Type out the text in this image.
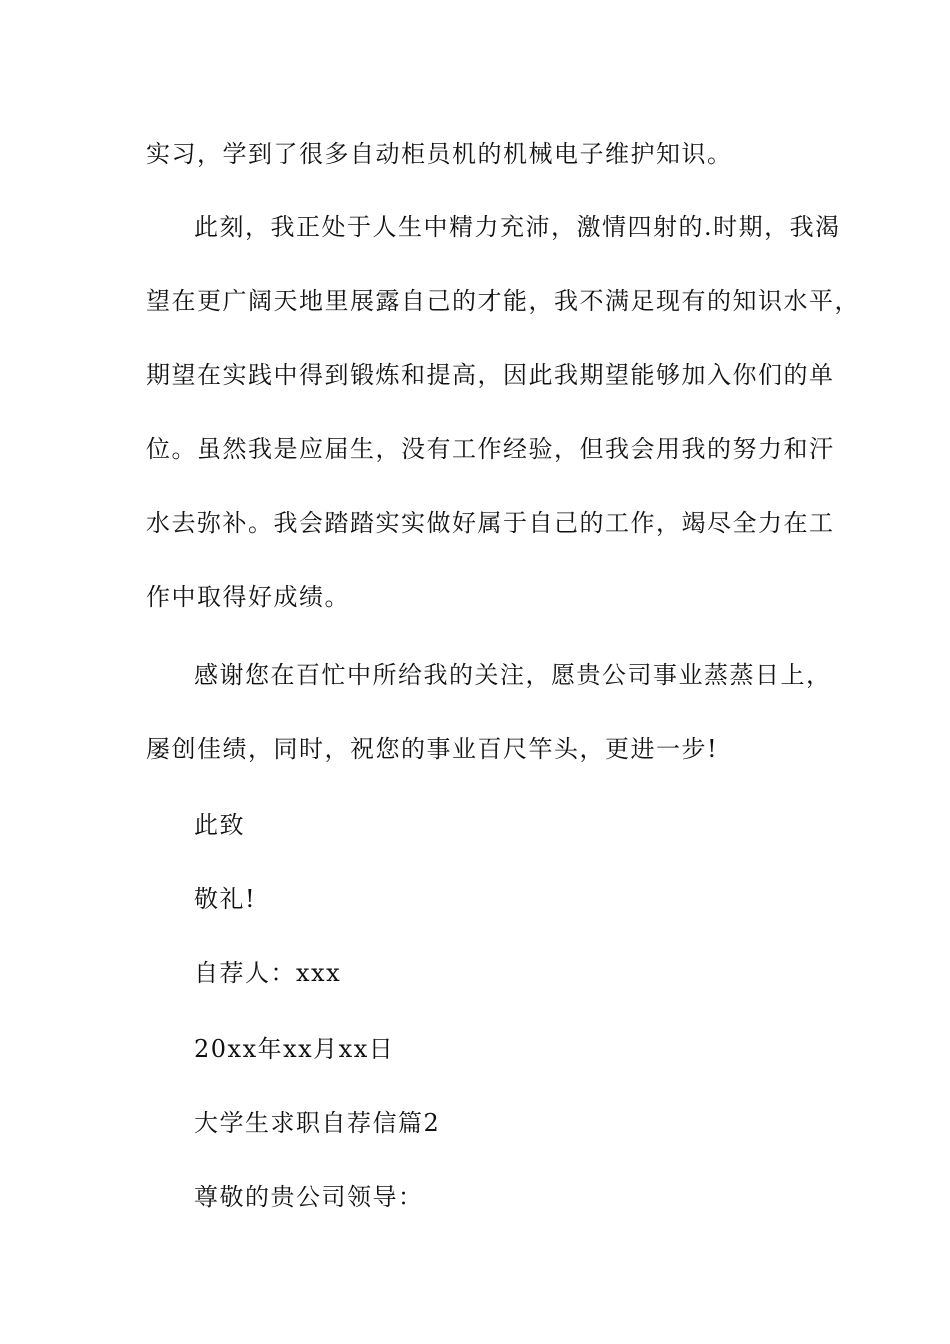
实习，学到了很多自动柜员机的机械电子维护知识。
此刻，我正处于人生中精力充沛，激情四射的.时期，我渴
望在更广阔天地里展露自己的才能，我不满足现有的知识水平，
期望在实践中得到锻炼和提高，因此我期望能够加入你们的单
位。虽然我是应届生，没有工作经验，但我会用我的努力和汗
水去弥补。我会踏踏实实做好属于自己的工作，竭尽全力在工
作中取得好成绩。
感谢您在百忙中所给我的关注，愿贵公司事业蒸蒸日上，
屡创佳绩，同时，祝您的事业百尺竿头，更进一步!
此致
敬礼!
自荐人：xxx
20xx年xx月xx日
大学生求职自荐信篇2
尊敬的贵公司领导：
